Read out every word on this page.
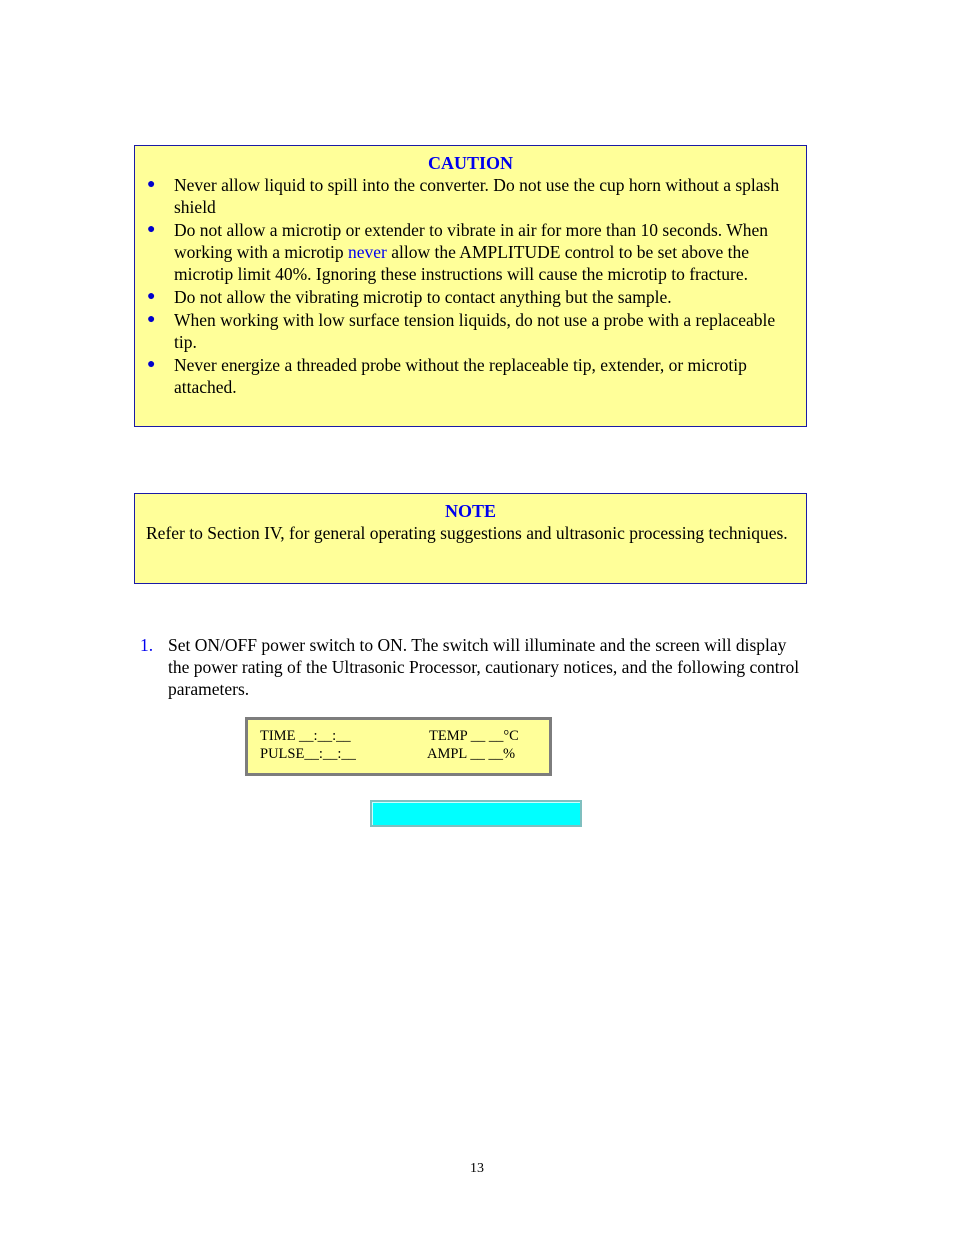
CAUTION
● Never allow liquid to spill into the converter. Do not use the cup horn without a splash shield
● Do not allow a microtip or extender to vibrate in air for more than 10 seconds. When working with a microtip never allow the AMPLITUDE control to be set above the microtip limit 40%. Ignoring these instructions will cause the microtip to fracture.
● Do not allow the vibrating microtip to contact anything but the sample.
● When working with low surface tension liquids, do not use a probe with a replaceable tip.
● Never energize a threaded probe without the replaceable tip, extender, or microtip attached.
NOTE
Refer to Section IV, for general operating suggestions and ultrasonic processing techniques.
1. Set ON/OFF power switch to ON. The switch will illuminate and the screen will display the power rating of the Ultrasonic Processor, cautionary notices, and the following control parameters.
TIME __:__:__	TEMP __ __°C
PULSE__:__:__	AMPL __ __%
13
